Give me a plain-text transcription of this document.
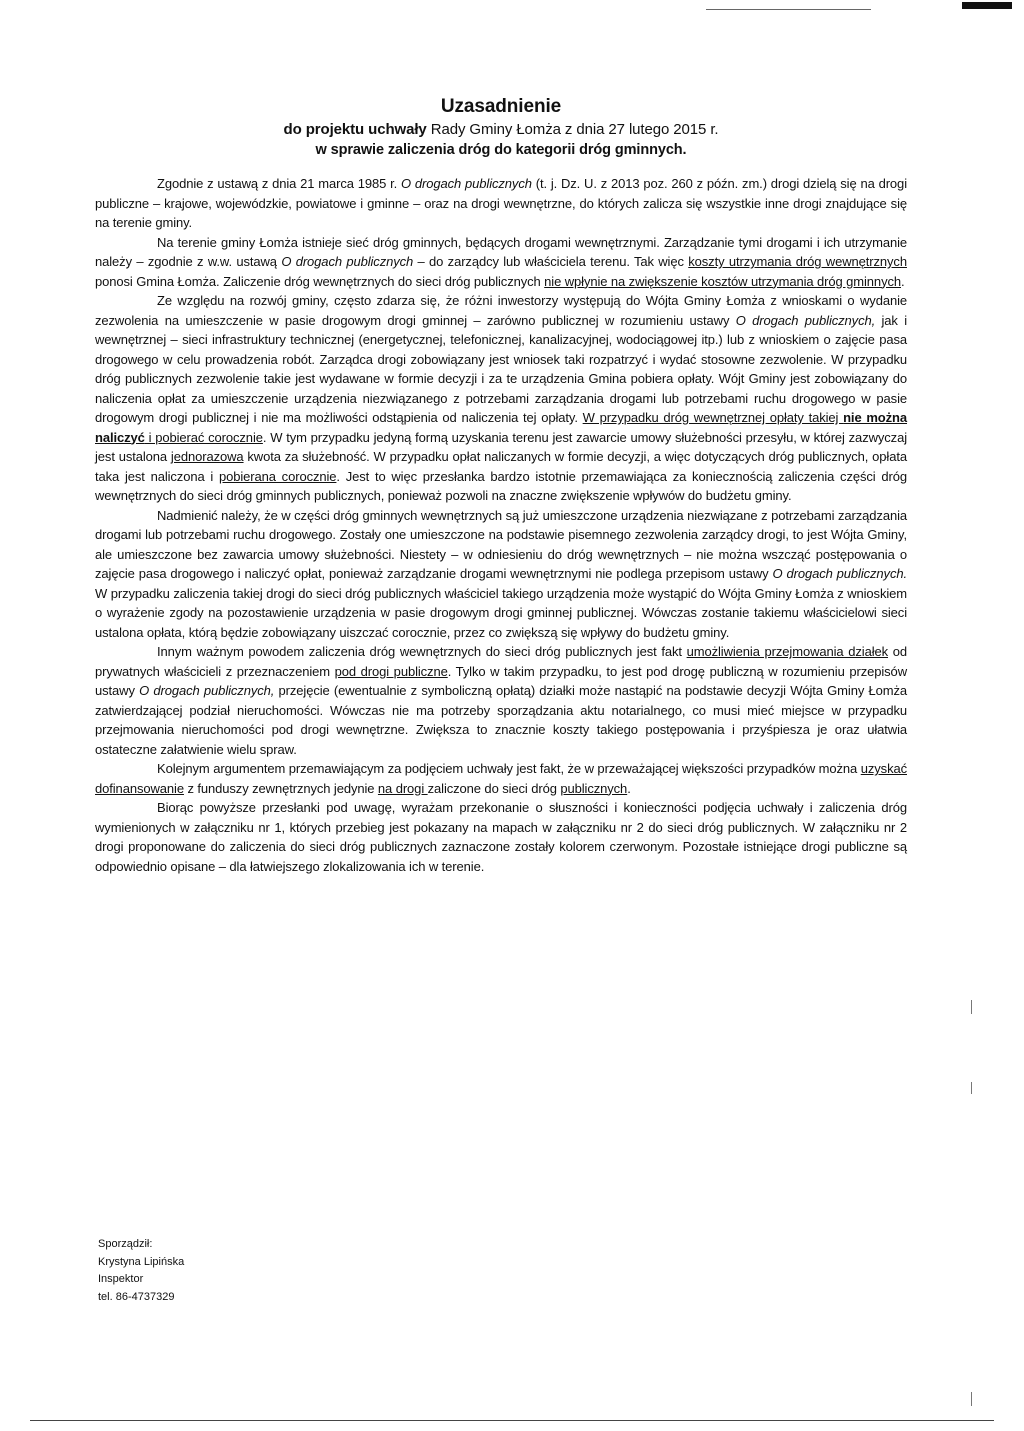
Uzasadnienie

do projektu uchwały Rady Gminy Łomża z dnia 27 lutego 2015 r.

w sprawie zaliczenia dróg do kategorii dróg gminnych.

Zgodnie z ustawą z dnia 21 marca 1985 r. O drogach publicznych (t. j. Dz. U. z 2013 poz. 260 z późn. zm.) drogi dzielą się na drogi publiczne – krajowe, wojewódzkie, powiatowe i gminne – oraz na drogi wewnętrzne, do których zalicza się wszystkie inne drogi znajdujące się na terenie gminy.

Na terenie gminy Łomża istnieje sieć dróg gminnych, będących drogami wewnętrznymi. Zarządzanie tymi drogami i ich utrzymanie należy – zgodnie z w.w. ustawą O drogach publicznych – do zarządcy lub właściciela terenu. Tak więc koszty utrzymania dróg wewnętrznych ponosi Gmina Łomża. Zaliczenie dróg wewnętrznych do sieci dróg publicznych nie wpłynie na zwiększenie kosztów utrzymania dróg gminnych.

Ze względu na rozwój gminy, często zdarza się, że różni inwestorzy występują do Wójta Gminy Łomża z wnioskami o wydanie zezwolenia na umieszczenie w pasie drogowym drogi gminnej – zarówno publicznej w rozumieniu ustawy O drogach publicznych, jak i wewnętrznej – sieci infrastruktury technicznej (energetycznej, telefonicznej, kanalizacyjnej, wodociągowej itp.) lub z wnioskiem o zajęcie pasa drogowego w celu prowadzenia robót. Zarządca drogi zobowiązany jest wniosek taki rozpatrzyć i wydać stosowne zezwolenie. W przypadku dróg publicznych zezwolenie takie jest wydawane w formie decyzji i za te urządzenia Gmina pobiera opłaty. Wójt Gminy jest zobowiązany do naliczenia opłat za umieszczenie urządzenia niezwiązanego z potrzebami zarządzania drogami lub potrzebami ruchu drogowego w pasie drogowym drogi publicznej i nie ma możliwości odstąpienia od naliczenia tej opłaty. W przypadku dróg wewnętrznej opłaty takiej nie można naliczyć i pobierać corocznie. W tym przypadku jedyną formą uzyskania terenu jest zawarcie umowy służebności przesyłu, w której zazwyczaj jest ustalona jednorazowa kwota za służebność. W przypadku opłat naliczanych w formie decyzji, a więc dotyczących dróg publicznych, opłata taka jest naliczona i pobierana corocznie. Jest to więc przesłanka bardzo istotnie przemawiająca za koniecznością zaliczenia części dróg wewnętrznych do sieci dróg gminnych publicznych, ponieważ pozwoli na znaczne zwiększenie wpływów do budżetu gminy.

Nadmienić należy, że w części dróg gminnych wewnętrznych są już umieszczone urządzenia niezwiązane z potrzebami zarządzania drogami lub potrzebami ruchu drogowego. Zostały one umieszczone na podstawie pisemnego zezwolenia zarządcy drogi, to jest Wójta Gminy, ale umieszczone bez zawarcia umowy służebności. Niestety – w odniesieniu do dróg wewnętrznych – nie można wszcząć postępowania o zajęcie pasa drogowego i naliczyć opłat, ponieważ zarządzanie drogami wewnętrznymi nie podlega przepisom ustawy O drogach publicznych. W przypadku zaliczenia takiej drogi do sieci dróg publicznych właściciel takiego urządzenia może wystąpić do Wójta Gminy Łomża z wnioskiem o wyrażenie zgody na pozostawienie urządzenia w pasie drogowym drogi gminnej publicznej. Wówczas zostanie takiemu właścicielowi sieci ustalona opłata, którą będzie zobowiązany uiszczać corocznie, przez co zwiększą się wpływy do budżetu gminy.

Innym ważnym powodem zaliczenia dróg wewnętrznych do sieci dróg publicznych jest fakt umożliwienia przejmowania działek od prywatnych właścicieli z przeznaczeniem pod drogi publiczne. Tylko w takim przypadku, to jest pod drogę publiczną w rozumieniu przepisów ustawy O drogach publicznych, przejęcie (ewentualnie z symboliczną opłatą) działki może nastąpić na podstawie decyzji Wójta Gminy Łomża zatwierdzającej podział nieruchomości. Wówczas nie ma potrzeby sporządzania aktu notarialnego, co musi mieć miejsce w przypadku przejmowania nieruchomości pod drogi wewnętrzne. Zwiększa to znacznie koszty takiego postępowania i przyśpiesza je oraz ułatwia ostateczne załatwienie wielu spraw.

Kolejnym argumentem przemawiającym za podjęciem uchwały jest fakt, że w przeważającej większości przypadków można uzyskać dofinansowanie z funduszy zewnętrznych jedynie na drogi zaliczone do sieci dróg publicznych.

Biorąc powyższe przesłanki pod uwagę, wyrażam przekonanie o słuszności i konieczności podjęcia uchwały i zaliczenia dróg wymienionych w załączniku nr 1, których przebieg jest pokazany na mapach w załączniku nr 2 do sieci dróg publicznych. W załączniku nr 2 drogi proponowane do zaliczenia do sieci dróg publicznych zaznaczone zostały kolorem czerwonym. Pozostałe istniejące drogi publiczne są odpowiednio opisane – dla łatwiejszego zlokalizowania ich w terenie.

Sporządził:
Krystyna Lipińska
Inspektor
tel. 86-4737329
